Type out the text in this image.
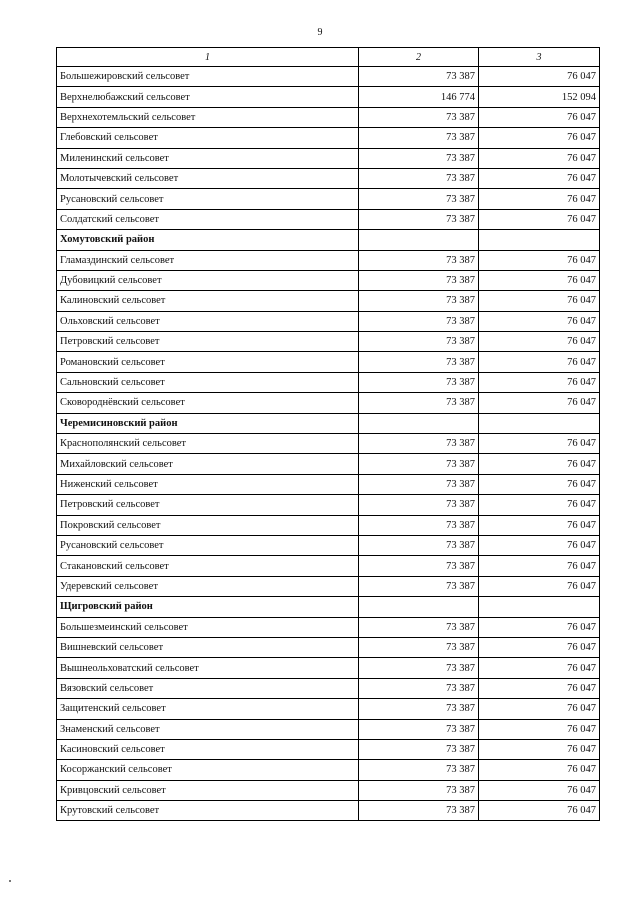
9
1	2	3
Большежировский сельсовет	73 387	76 047
Верхнелюбажский сельсовет	146 774	152 094
Верхнехотемльский сельсовет	73 387	76 047
Глебовский сельсовет	73 387	76 047
Миленинский сельсовет	73 387	76 047
Молотычевский сельсовет	73 387	76 047
Русановский сельсовет	73 387	76 047
Солдатский сельсовет	73 387	76 047
Хомутовский район		
Гламаздинский сельсовет	73 387	76 047
Дубовицкий сельсовет	73 387	76 047
Калиновский сельсовет	73 387	76 047
Ольховский сельсовет	73 387	76 047
Петровский сельсовет	73 387	76 047
Романовский сельсовет	73 387	76 047
Сальновский сельсовет	73 387	76 047
Сковороднёвский сельсовет	73 387	76 047
Черемисиновский район		
Краснополянский сельсовет	73 387	76 047
Михайловский сельсовет	73 387	76 047
Ниженский сельсовет	73 387	76 047
Петровский сельсовет	73 387	76 047
Покровский сельсовет	73 387	76 047
Русановский сельсовет	73 387	76 047
Стакановский сельсовет	73 387	76 047
Удеревский сельсовет	73 387	76 047
Щигровский район		
Большезмеинский сельсовет	73 387	76 047
Вишневский сельсовет	73 387	76 047
Вышнеольховатский сельсовет	73 387	76 047
Вязовский сельсовет	73 387	76 047
Защитенский сельсовет	73 387	76 047
Знаменский сельсовет	73 387	76 047
Касиновский сельсовет	73 387	76 047
Косоржанский сельсовет	73 387	76 047
Кривцовский сельсовет	73 387	76 047
Крутовский сельсовет	73 387	76 047
